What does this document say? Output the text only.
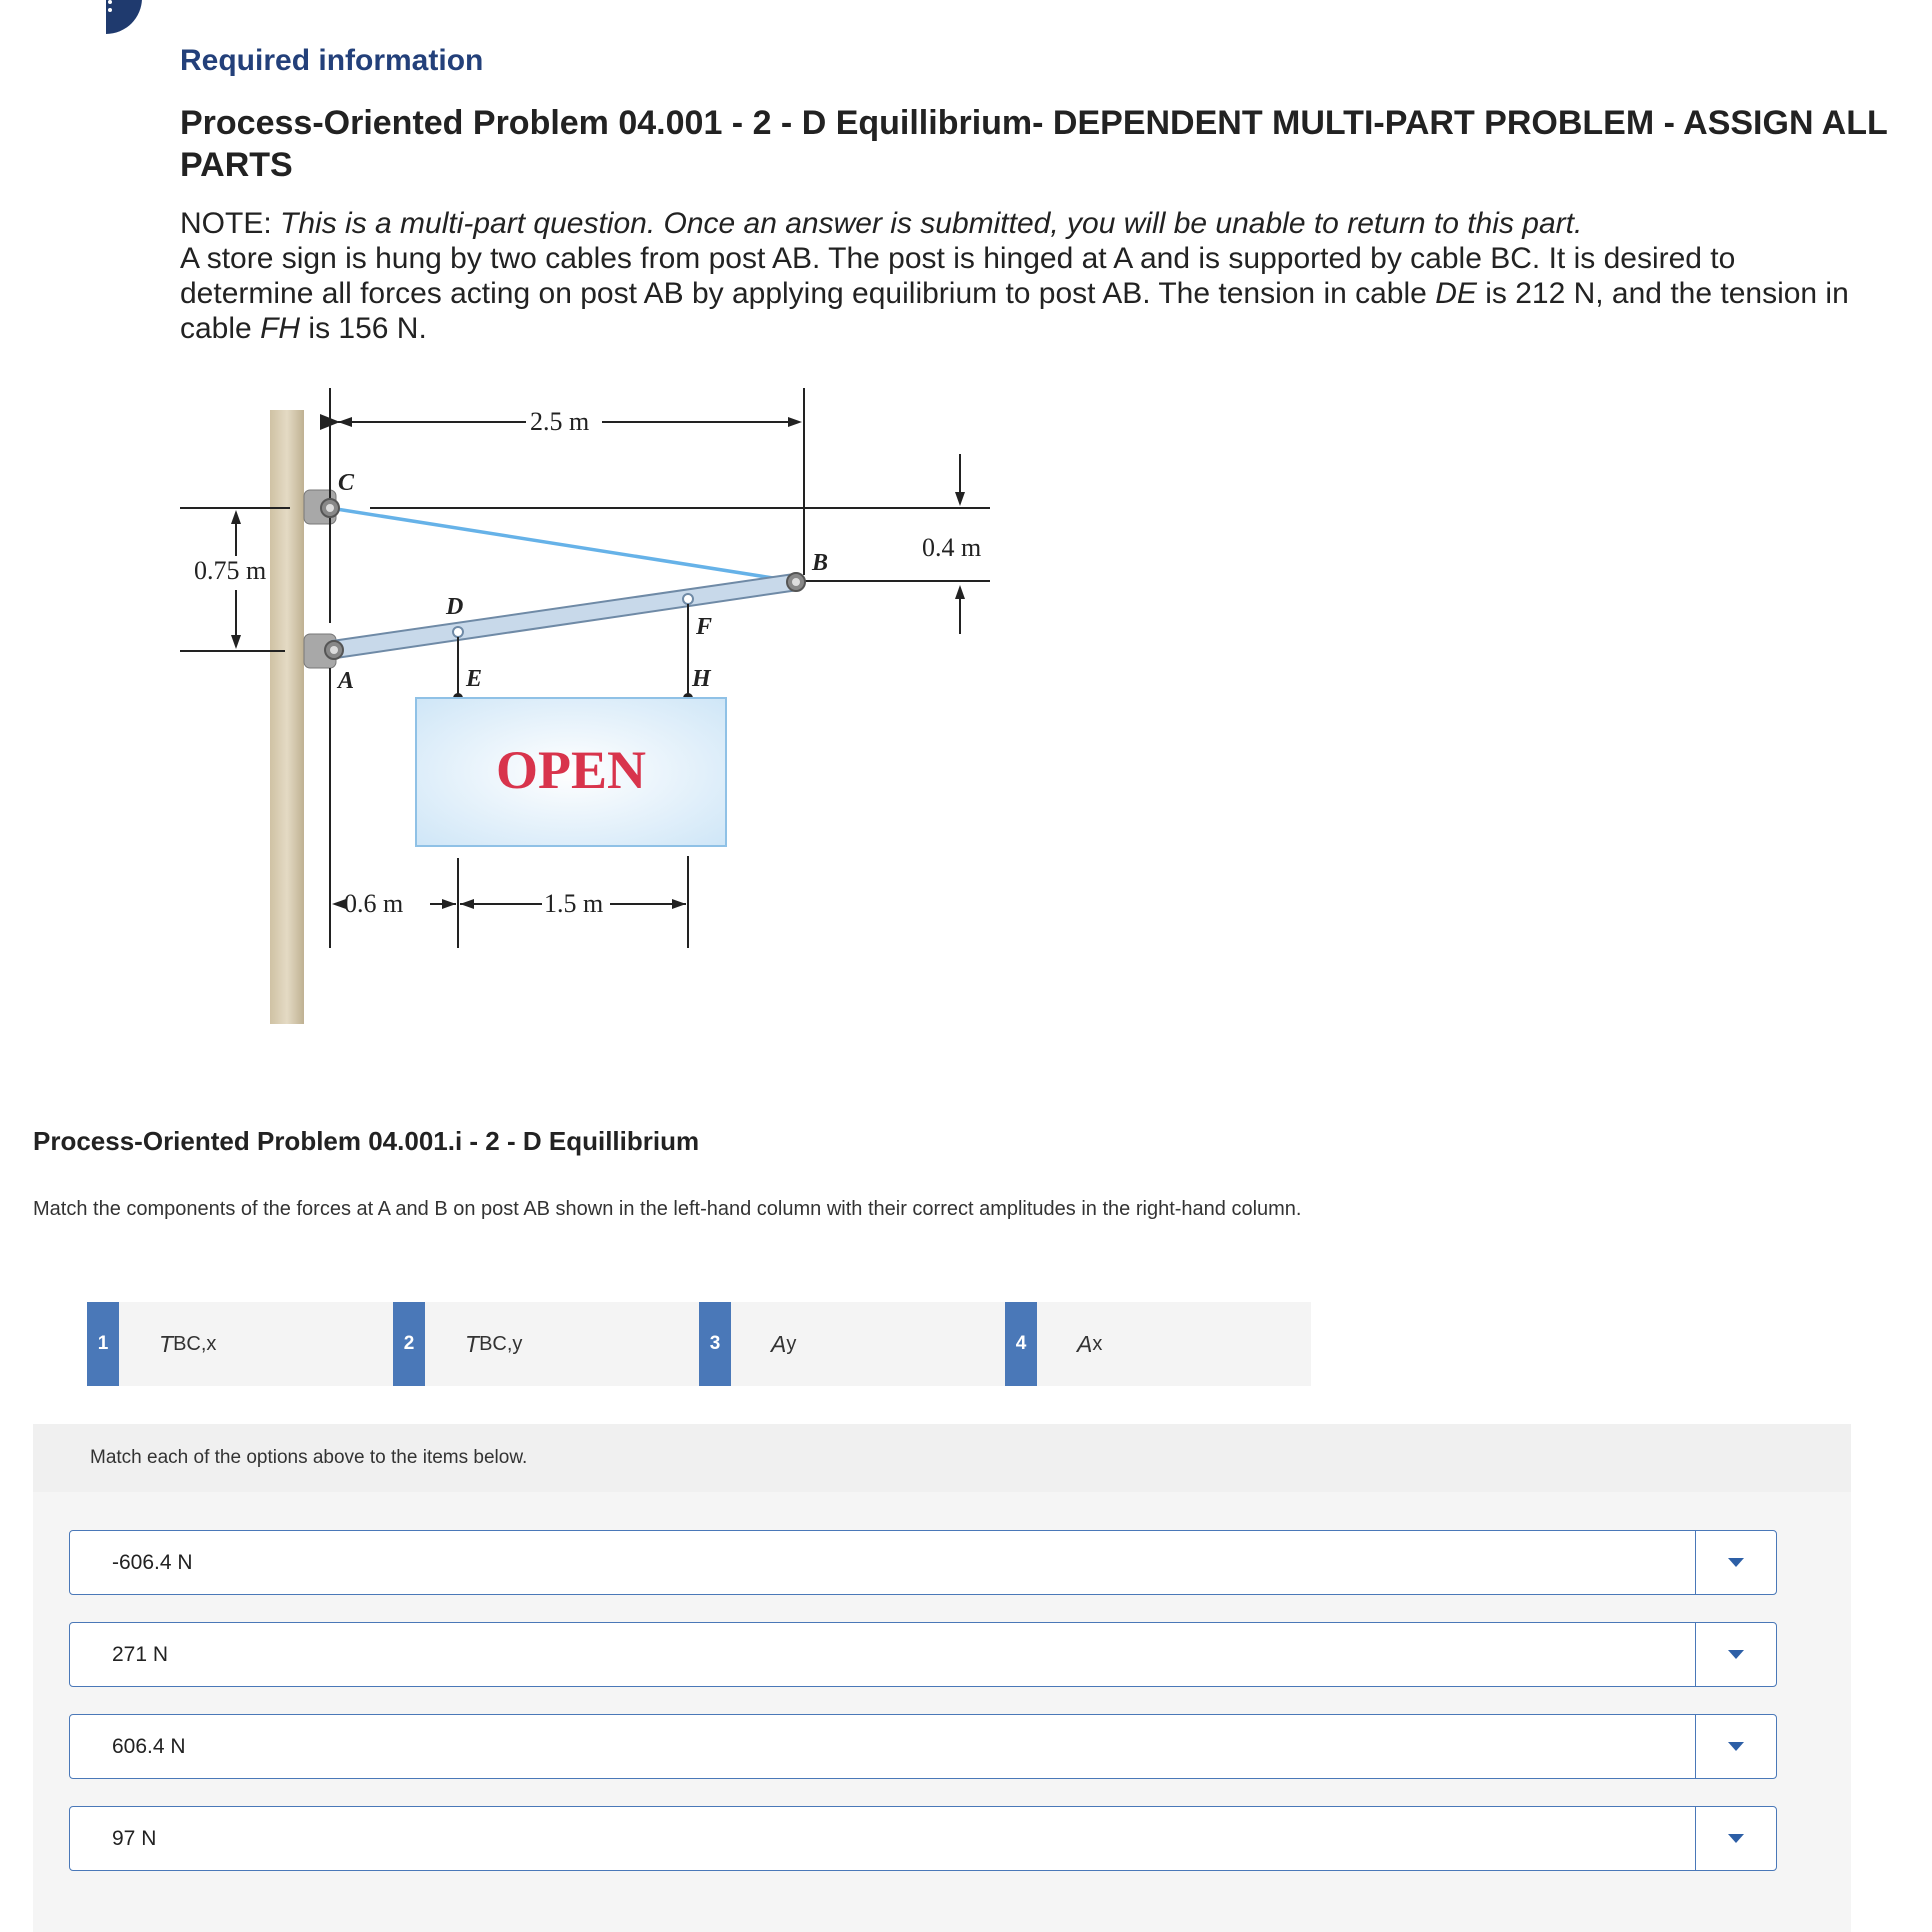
Required information
Process-Oriented Problem 04.001 - 2 - D Equillibrium- DEPENDENT MULTI-PART PROBLEM - ASSIGN ALL PARTS
NOTE: This is a multi-part question. Once an answer is submitted, you will be unable to return to this part.
A store sign is hung by two cables from post AB. The post is hinged at A and is supported by cable BC. It is desired to determine all forces acting on post AB by applying equilibrium to post AB. The tension in cable DE is 212 N, and the tension in cable FH is 156 N.
2.5 m
0.75 m
0.4 m
OPEN
C
B
D
F
A	E	H
0.6 m	1.5 m
Process-Oriented Problem 04.001.i - 2 - D Equillibrium
Match the components of the forces at A and B on post AB shown in the left-hand column with their correct amplitudes in the right-hand column.
1	T BC,x	2	T BC,y	3	A y	4	A x
Match each of the options above to the items below.
-606.4 N
271 N
606.4 N
97 N
